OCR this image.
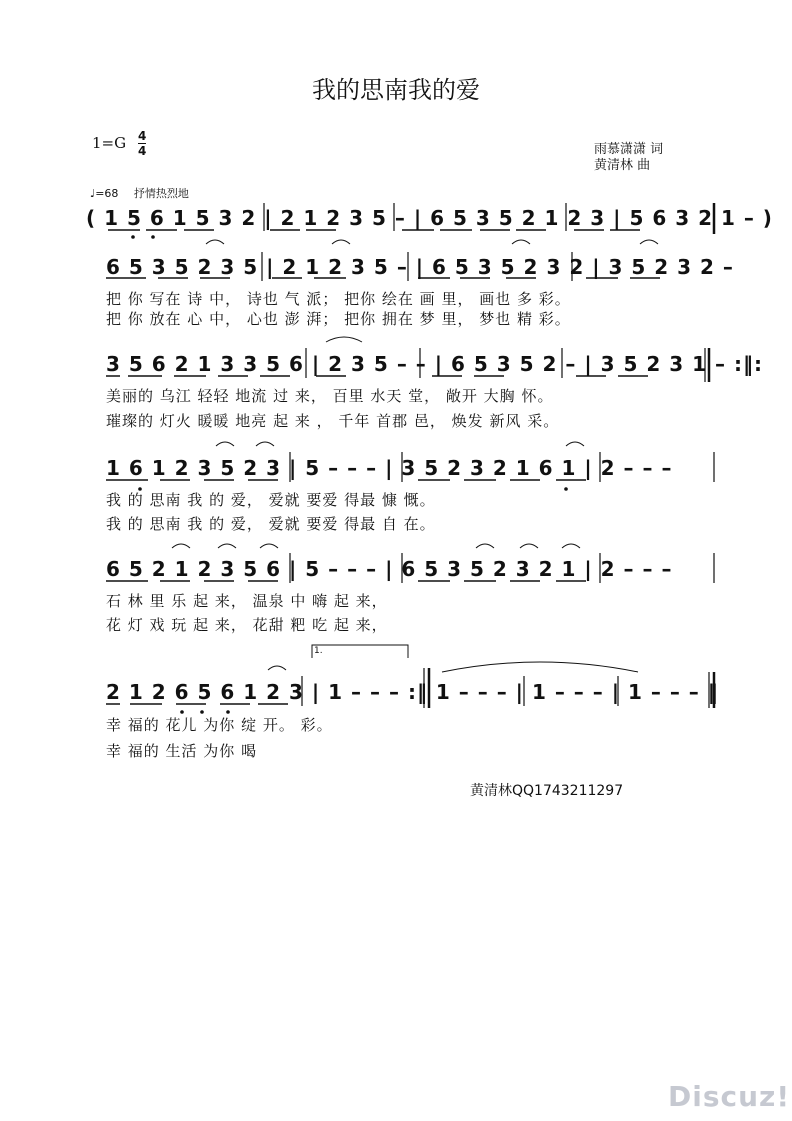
我的思南我的爱
1=G 4
4	雨慕潇潇 词
黄清林 曲
♩=68 抒情热烈地
( 1 5 6 1 5 3 2 | 2 1 2 3 5 – | 6 5 3 5 2 1 2 3 | 5 6 3 2 1 – )
6 5 3 5 2 3 5 | 2 1 2 3 5 – | 6 5 3 5 2 3 2 | 3 5 2 3 2 –
把 你 写在 诗 中， 诗也 气 派； 把你 绘在 画 里， 画也 多 彩。
把 你 放在 心 中， 心也 澎 湃； 把你 拥在 梦 里， 梦也 精 彩。
3 5 6 2 1 3 3 5 6 | 2 3 5 – – | 6 5 3 5 2 – | 3 5 2 3 1 – :‖:
美丽的 乌江 轻轻 地流 过 来， 百里 水天 堂， 敞开 大胸 怀。
璀璨的 灯火 暖暖 地亮 起 来 ， 千年 首郡 邑， 焕发 新风 采。
1 6 1 2 3 5 2 3 | 5 – – – | 3 5 2 3 2 1 6 1 | 2 – – –
我 的 思南 我 的 爱， 爱就 要爱 得最 慷 慨。
我 的 思南 我 的 爱， 爱就 要爱 得最 自 在。
6 5 2 1 2 3 5 6 | 5 – – – | 6 5 3 5 2 3 2 1 | 2 – – –
石 林 里 乐 起 来， 温泉 中 嗨 起 来，
花 灯 戏 玩 起 来， 花甜 粑 吃 起 来，
1.
2 1 2 6 5 6 1 2 3 | 1 – – – :‖ 1 – – – | 1 – – – | 1 – – – ‖
幸 福的 花儿 为你 绽 开。 彩。
幸 福的 生活 为你 喝
黄清林QQ1743211297
Discuz!
